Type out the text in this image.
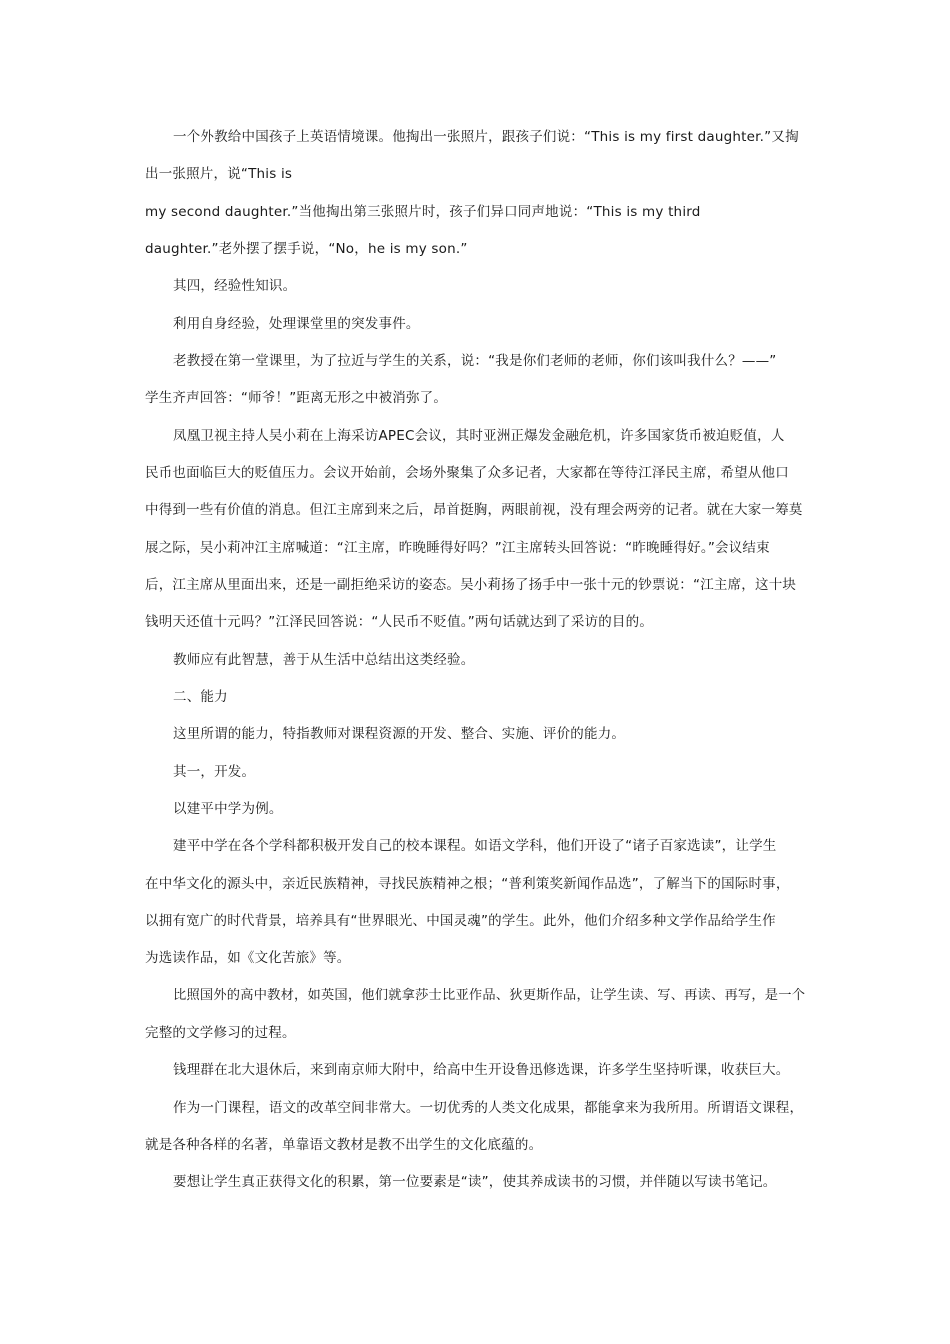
一个外教给中国孩子上英语情境课。他掏出一张照片，跟孩子们说：“This is my first daughter.”又掏
出一张照片，说“This is
my second daughter.”当他掏出第三张照片时，孩子们异口同声地说：“This is my third
daughter.”老外摆了摆手说，“No，he is my son.”
其四，经验性知识。
利用自身经验，处理课堂里的突发事件。
老教授在第一堂课里，为了拉近与学生的关系，说：“我是你们老师的老师，你们该叫我什么？——”
学生齐声回答：“师爷！”距离无形之中被消弥了。
凤凰卫视主持人吴小莉在上海采访APEC会议，其时亚洲正爆发金融危机，许多国家货币被迫贬值，人
民币也面临巨大的贬值压力。会议开始前，会场外聚集了众多记者，大家都在等待江泽民主席，希望从他口
中得到一些有价值的消息。但江主席到来之后，昂首挺胸，两眼前视，没有理会两旁的记者。就在大家一筹莫
展之际，吴小莉冲江主席喊道：“江主席，昨晚睡得好吗？”江主席转头回答说：“昨晚睡得好。”会议结束
后，江主席从里面出来，还是一副拒绝采访的姿态。吴小莉扬了扬手中一张十元的钞票说：“江主席，这十块
钱明天还值十元吗？”江泽民回答说：“人民币不贬值。”两句话就达到了采访的目的。
教师应有此智慧，善于从生活中总结出这类经验。
二、能力
这里所谓的能力，特指教师对课程资源的开发、整合、实施、评价的能力。
其一，开发。
以建平中学为例。
建平中学在各个学科都积极开发自己的校本课程。如语文学科，他们开设了“诸子百家选读”，让学生
在中华文化的源头中，亲近民族精神，寻找民族精神之根；“普利策奖新闻作品选”，了解当下的国际时事，
以拥有宽广的时代背景，培养具有“世界眼光、中国灵魂”的学生。此外，他们介绍多种文学作品给学生作
为选读作品，如《文化苦旅》等。
比照国外的高中教材，如英国，他们就拿莎士比亚作品、狄更斯作品，让学生读、写、再读、再写，是一个
完整的文学修习的过程。
钱理群在北大退休后，来到南京师大附中，给高中生开设鲁迅修选课，许多学生坚持听课，收获巨大。
作为一门课程，语文的改革空间非常大。一切优秀的人类文化成果，都能拿来为我所用。所谓语文课程，
就是各种各样的名著，单靠语文教材是教不出学生的文化底蕴的。
要想让学生真正获得文化的积累，第一位要素是“读”，使其养成读书的习惯，并伴随以写读书笔记。
